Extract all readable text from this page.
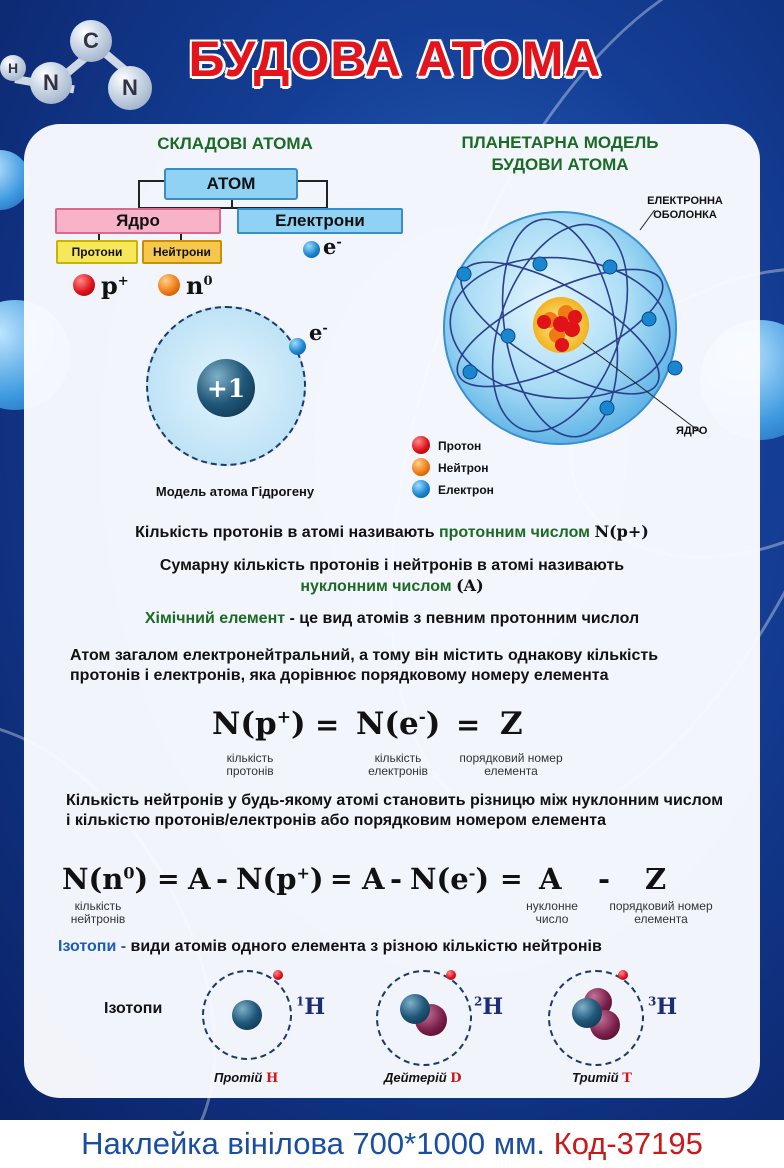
H
N
C
N
БУДОВА АТОМА
СКЛАДОВІ АТОМА
АТОМ
Ядро	Електрони
Протони	Нейтрони
p+ $n^0$
e-
+1
e-
Модель атома Гідрогену
ПЛАНЕТАРНА МОДЕЛЬ БУДОВИ АТОМА
ЕЛЕКТРОННА ОБОЛОНКА
ЯДРО
Протон
Нейтрон
Електрон
Кількість протонів в атомі називають протонним числом N(p+)
Сумарну кількість протонів і нейтронів в атомі називають
нуклонним числом (A)
Хімічний елемент - це вид атомів з певним протонним числол
Атом загалом електронейтральний, а тому він містить однакову кількість протонів і електронів, яка дорівнює порядковому номеру елемента
N(p+) = N(e-) = Z
кількість протонів
кількість електронів
порядковий номер елемента
Кількість нейтронів у будь-якому атомі становить різницю між нуклонним числом і кількістю протонів/електронів або порядковим номером елемента
$N(n^0) = A - N(p^+) = A - N(e^-) = A - Z$
кількість нейтронів
нуклонне число
порядковий номер елемента
Ізотопи - види атомів одного елемента з різною кількістю нейтронів
Ізотопи	$^1$H
Протій H
$^2$H
Дейтерій D
$^3$H
Тритій T
Наклейка вінілова 700*1000 мм. Код-37195
